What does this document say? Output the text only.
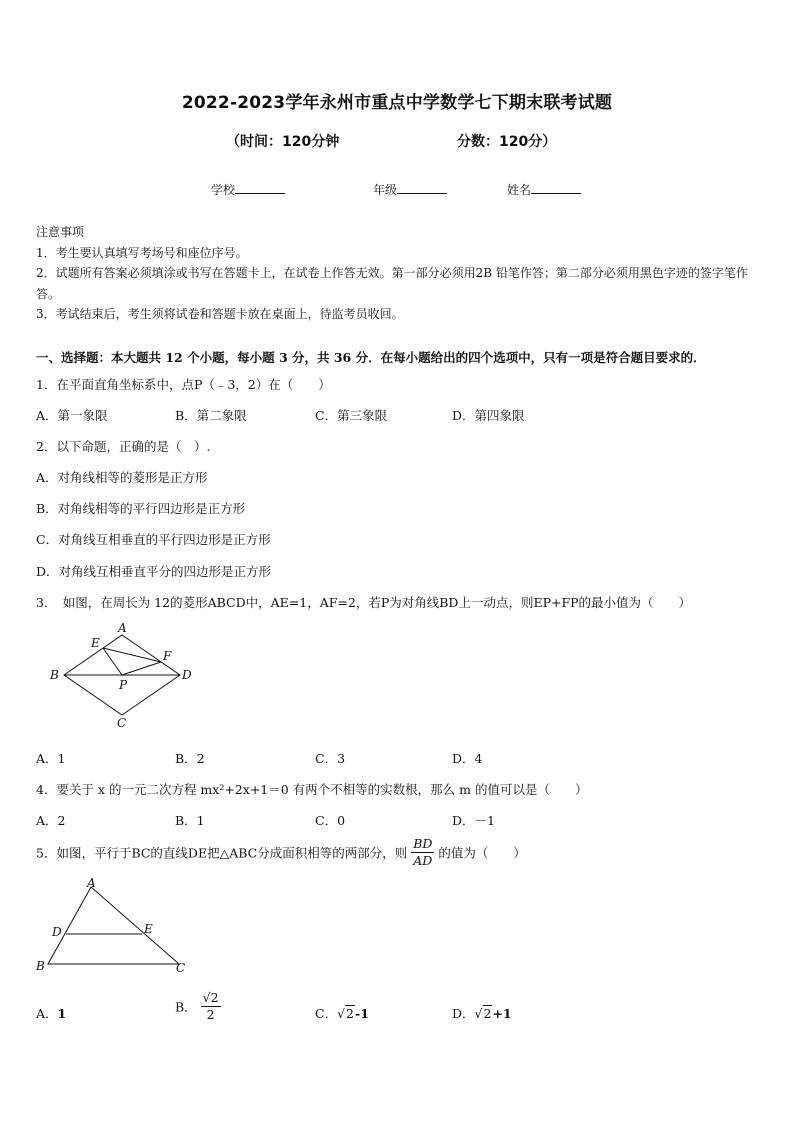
2022-2023学年永州市重点中学数学七下期末联考试题
（时间：120分钟	分数：120分）
学校	年级	姓名
注意事项
1．考生要认真填写考场号和座位序号。
2．试题所有答案必须填涂或书写在答题卡上，在试卷上作答无效。第一部分必须用2B 铅笔作答；第二部分必须用黑色字迹的签字笔作答。
3．考试结束后，考生须将试卷和答题卡放在桌面上，待监考员收回。
一、选择题：本大题共 12 个小题，每小题 3 分，共 36 分．在每小题给出的四个选项中，只有一项是符合题目要求的．
1．在平面直角坐标系中，点P（﹣3，2）在（　　）
A．第一象限	B．第二象限	C．第三象限	D．第四象限
2．以下命题，正确的是（　）.
A．对角线相等的菱形是正方形
B．对角线相等的平行四边形是正方形
C．对角线互相垂直的平行四边形是正方形
D．对角线互相垂直平分的四边形是正方形
3．　如图，在周长为 12的菱形ABCD中，AE=1，AF=2，若P为对角线BD上一动点，则EP+FP的最小值为（　　）
A
B
C
D
E
F
P
A．1	B．2	C．3	D．4
4．要关于 x 的一元二次方程 mx²+2x+1＝0 有两个不相等的实数根，那么 m 的值可以是（　　）
A．2	B．1	C．0	D．－1
5．如图，平行于BC的直线DE把△ABC分成面积相等的两部分，则 $\frac{BD}{AD}$ 的值为（　　）
A
B	C
D	E
A．1	B． $\frac{√2}{2}$	C．√2-1	D．√2+1
